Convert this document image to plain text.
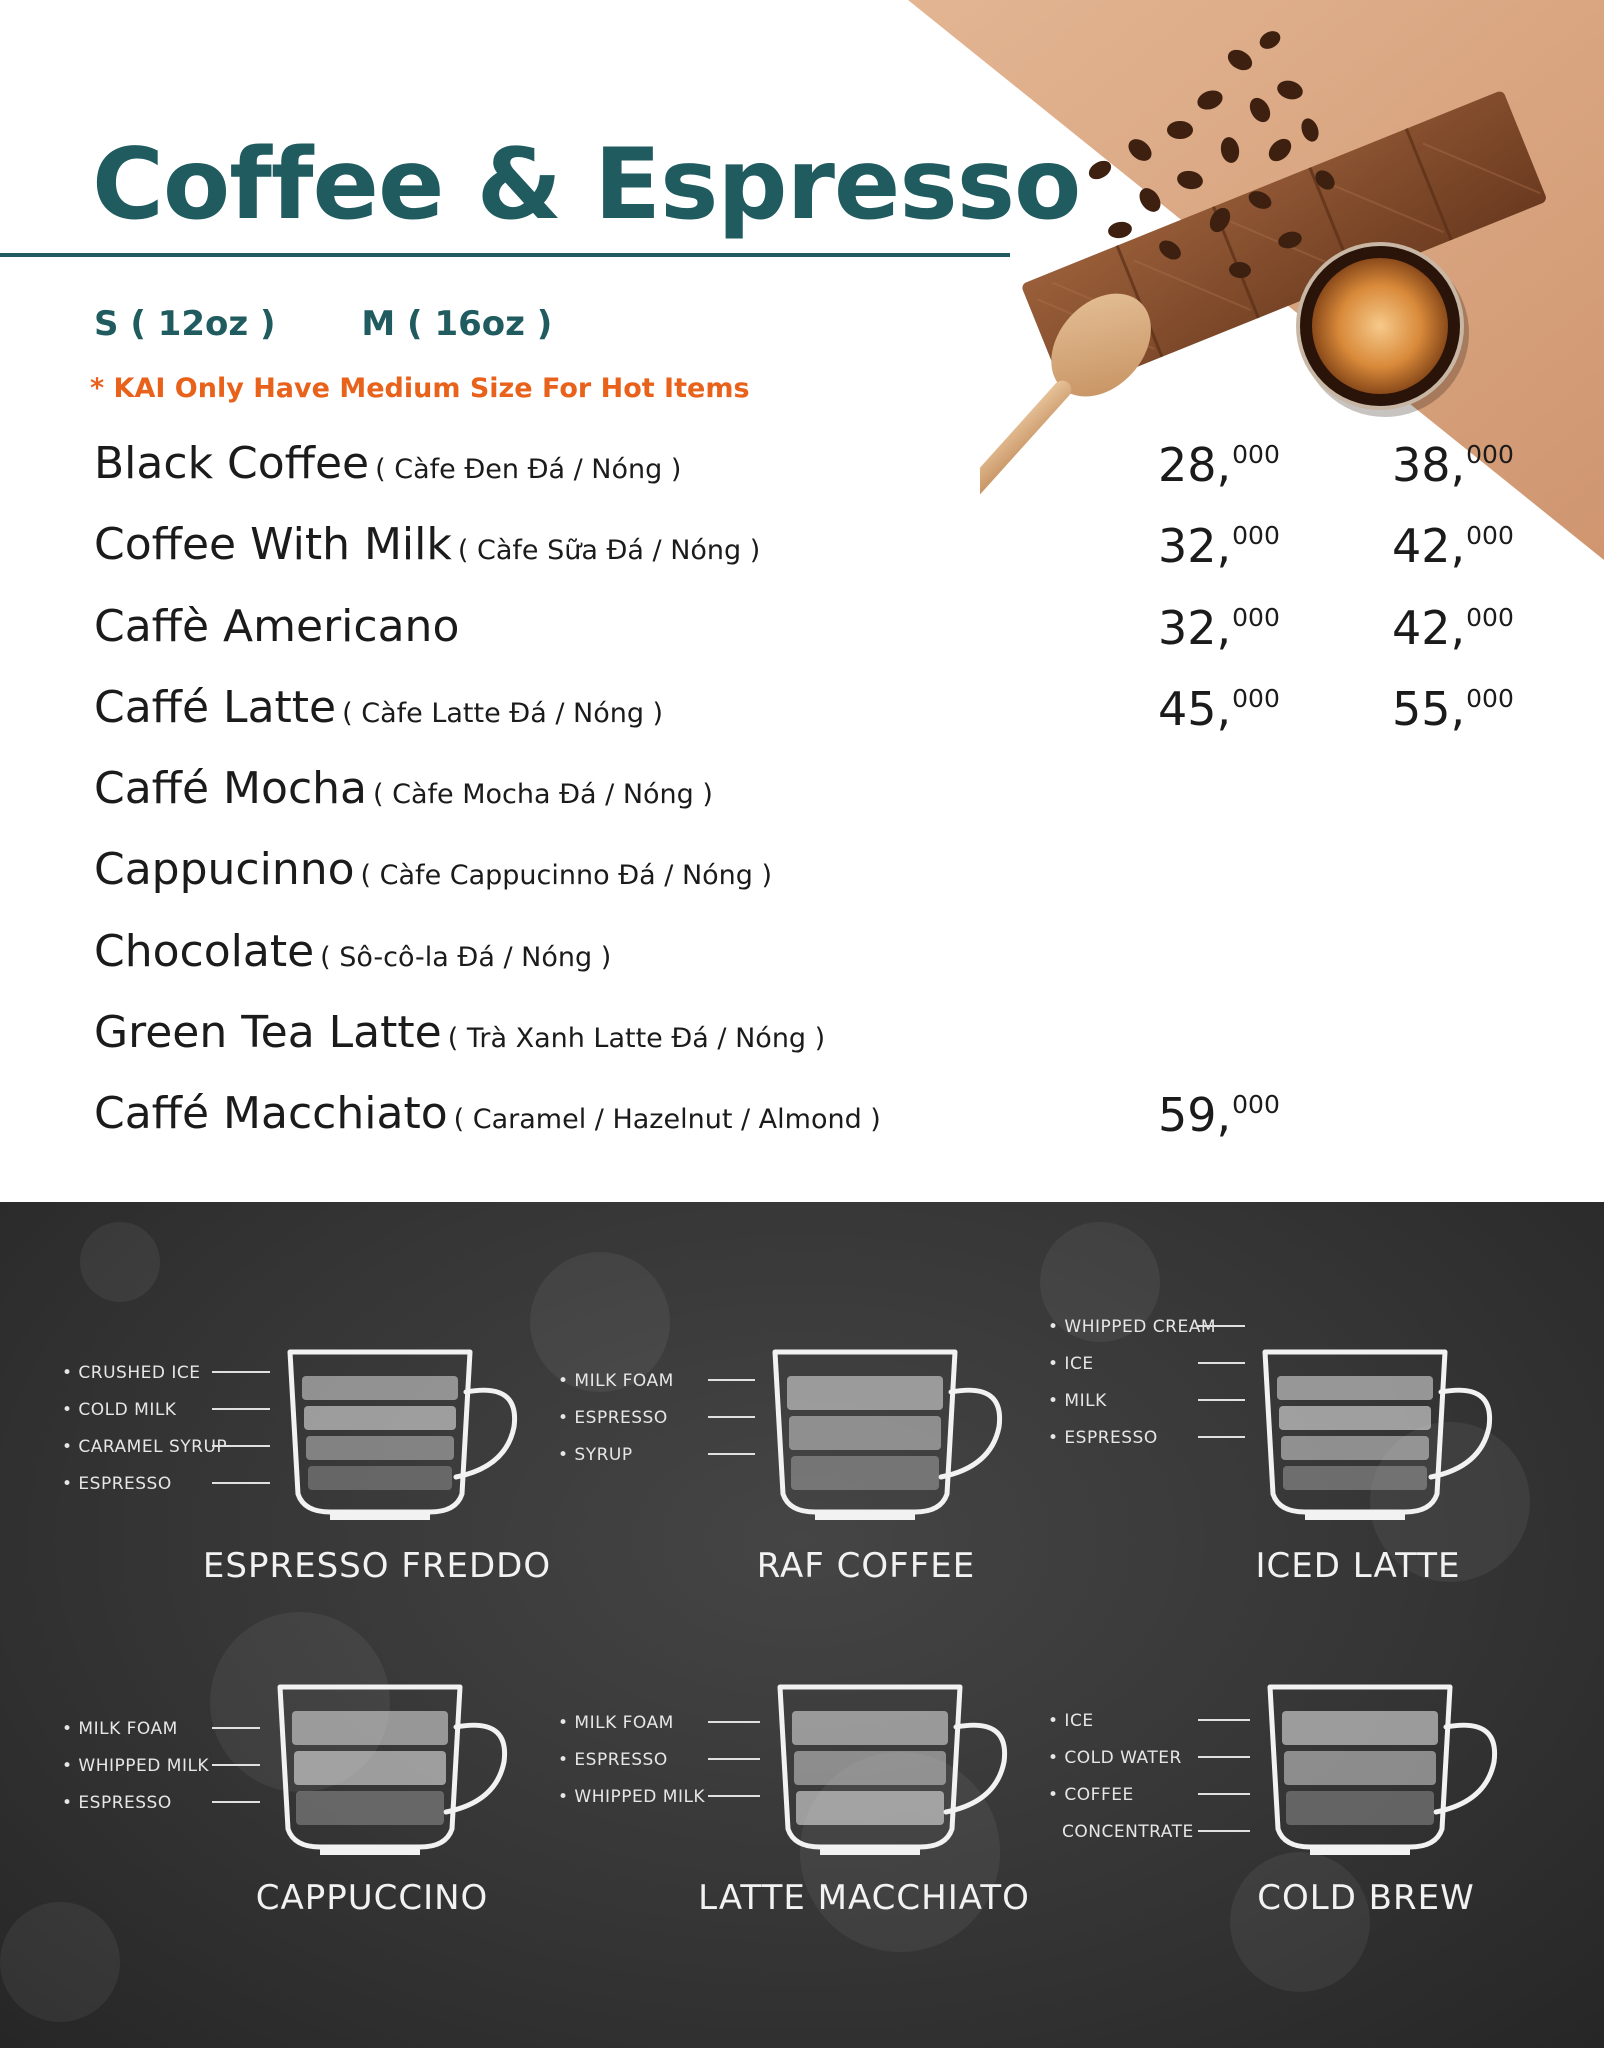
Coffee & Espresso
S ( 12oz )	M ( 16oz )
* KAI Only Have Medium Size For Hot Items
Black Coffee ( Càfe Đen Đá / Nóng )	28,$^{000}$ 38,$^{000}$
Coffee With Milk ( Càfe Sữa Đá / Nóng )	32,$^{000}$ 42,$^{000}$
Caffè Americano	32,$^{000}$ 42,$^{000}$
Caffé Latte ( Càfe Latte Đá / Nóng )	45,$^{000}$ 55,$^{000}$
Caffé Mocha ( Càfe Mocha Đá / Nóng )
Cappucinno ( Càfe Cappucinno Đá / Nóng )
Chocolate ( Sô-cô-la Đá / Nóng )
Green Tea Latte ( Trà Xanh Latte Đá / Nóng )
Caffé Macchiato ( Caramel / Hazelnut / Almond )	59,$^{000}$
• CRUSHED ICE
• COLD MILK
• CARAMEL SYRUP
• ESPRESSO
ESPRESSO FREDDO
• MILK FOAM
• ESPRESSO
• SYRUP
RAF COFFEE
• WHIPPED CREAM
• ICE
• MILK
• ESPRESSO
ICED LATTE
• MILK FOAM
• WHIPPED MILK
• ESPRESSO
CAPPUCCINO
• MILK FOAM
• ESPRESSO
• WHIPPED MILK
LATTE MACCHIATO
• ICE
• COLD WATER
• COFFEE
CONCENTRATE
COLD BREW
